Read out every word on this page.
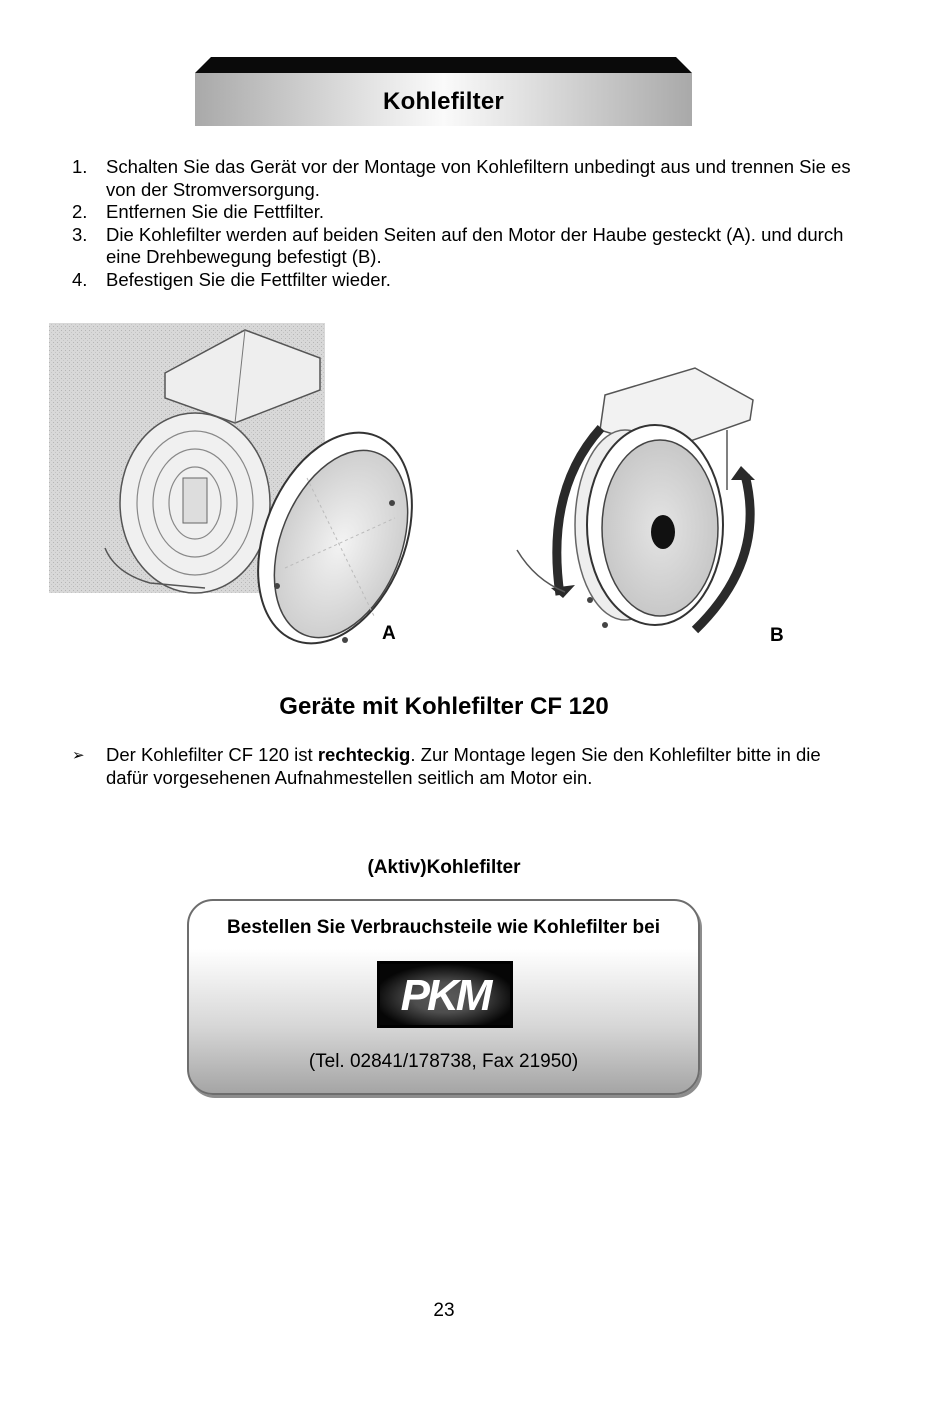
Kohlefilter
1.	Schalten Sie das Gerät vor der Montage von Kohlefiltern unbedingt aus und trennen Sie es von der Stromversorgung.
2.	Entfernen Sie die Fettfilter.
3.	Die Kohlefilter werden auf beiden Seiten auf den Motor der Haube gesteckt (A). und durch eine Drehbewegung befestigt (B).
4.	Befestigen Sie die Fettfilter wieder.
A	B
Geräte mit Kohlefilter CF 120
➢	Der Kohlefilter CF 120 ist rechteckig. Zur Montage legen Sie den Kohlefilter bitte in die dafür vorgesehenen Aufnahmestellen seitlich am Motor ein.
(Aktiv)Kohlefilter
Bestellen Sie Verbrauchsteile wie Kohlefilter bei
PKM
(Tel. 02841/178738, Fax 21950)
23
